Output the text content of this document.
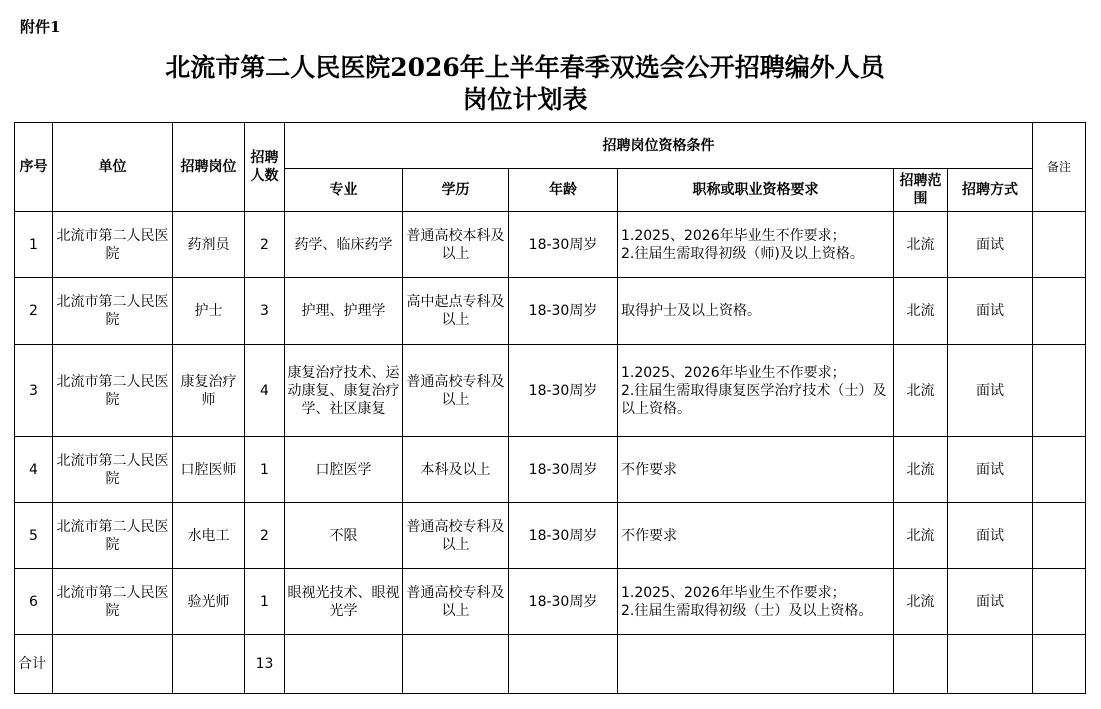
附件1
北流市第二人民医院2026年上半年春季双选会公开招聘编外人员
岗位计划表
序号	单位	招聘岗位	招聘
人数	招聘岗位资格条件						备注
				专业	学历	年龄	职称或职业资格要求	招聘范
围	招聘方式	
1	北流市第二人民医院	药剂员	2	药学、临床药学	普通高校本科及以上	18-30周岁	1.2025、2026年毕业生不作要求；
2.往届生需取得初级（师)及以上资格。	北流	面试	
2	北流市第二人民医院	护士	3	护理、护理学	高中起点专科及以上	18-30周岁	取得护士及以上资格。	北流	面试	
3	北流市第二人民医院	康复治疗师	4	康复治疗技术、运动康复、康复治疗学、社区康复	普通高校专科及以上	18-30周岁	1.2025、2026年毕业生不作要求；
2.往届生需取得康复医学治疗技术（士）及以上资格。	北流	面试	
4	北流市第二人民医院	口腔医师	1	口腔医学	本科及以上	18-30周岁	不作要求	北流	面试	
5	北流市第二人民医院	水电工	2	不限	普通高校专科及以上	18-30周岁	不作要求	北流	面试	
6	北流市第二人民医院	验光师	1	眼视光技术、眼视光学	普通高校专科及以上	18-30周岁	1.2025、2026年毕业生不作要求；
2.往届生需取得初级（士）及以上资格。	北流	面试	
合计			13							
